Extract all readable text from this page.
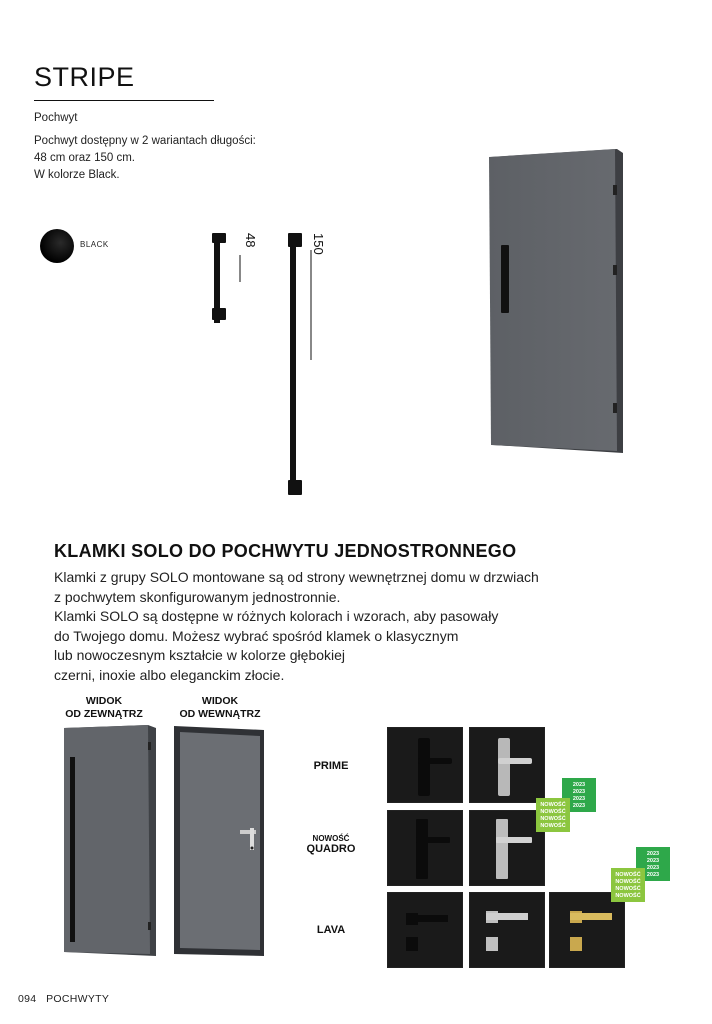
STRIPE
Pochwyt
Pochwyt dostępny w 2 wariantach długości:
48 cm oraz 150 cm.
W kolorze Black.
BLACK	48	150
KLAMKI SOLO DO POCHWYTU JEDNOSTRONNEGO
Klamki z grupy SOLO montowane są od strony wewnętrznej domu w drzwiach
z pochwytem skonfigurowanym jednostronnie.
Klamki SOLO są dostępne w różnych kolorach i wzorach, aby pasowały
do Twojego domu. Możesz wybrać spośród klamek o klasycznym
lub nowoczesnym kształcie w kolorze głębokiej
czerni, inoxie albo eleganckim złocie.
WIDOK
OD ZEWNĄTRZ
WIDOK
OD WEWNĄTRZ
PRIME
NOWOŚĆ
QUADRO
LAVA
2023
2023
2023
2023
NOWOŚĆ
NOWOŚĆ
NOWOŚĆ
NOWOŚĆ
2023
2023
2023
2023
NOWOŚĆ
NOWOŚĆ
NOWOŚĆ
NOWOŚĆ
094 POCHWYTY
